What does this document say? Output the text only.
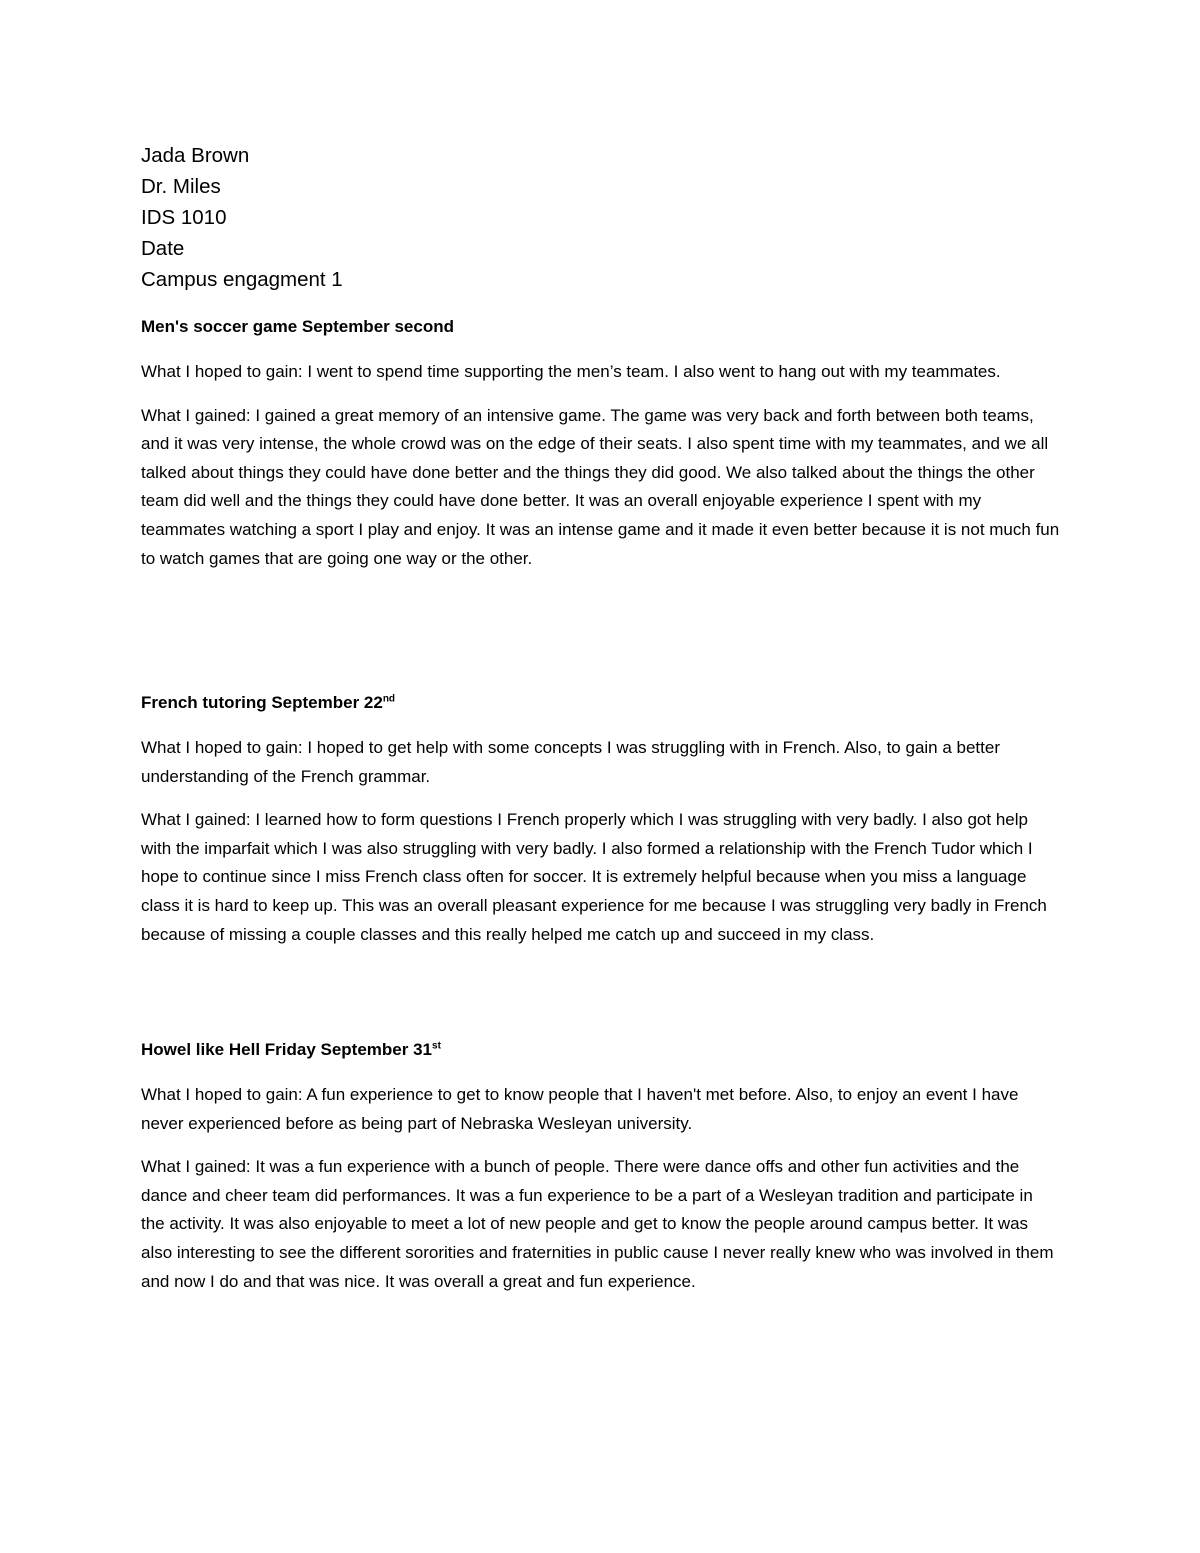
Jada Brown
Dr. Miles
IDS 1010
Date
Campus engagment 1
Men's soccer game September second

What I hoped to gain: I went to spend time supporting the men’s team. I also went to hang out with my teammates.

What I gained: I gained a great memory of an intensive game. The game was very back and forth between both teams, and it was very intense, the whole crowd was on the edge of their seats. I also spent time with my teammates, and we all talked about things they could have done better and the things they did good. We also talked about the things the other team did well and the things they could have done better. It was an overall enjoyable experience I spent with my teammates watching a sport I play and enjoy. It was an intense game and it made it even better because it is not much fun to watch games that are going one way or the other.

French tutoring September 22nd

What I hoped to gain: I hoped to get help with some concepts I was struggling with in French. Also, to gain a better understanding of the French grammar.

What I gained: I learned how to form questions I French properly which I was struggling with very badly. I also got help with the imparfait which I was also struggling with very badly. I also formed a relationship with the French Tudor which I hope to continue since I miss French class often for soccer. It is extremely helpful because when you miss a language class it is hard to keep up. This was an overall pleasant experience for me because I was struggling very badly in French because of missing a couple classes and this really helped me catch up and succeed in my class.

Howel like Hell Friday September 31st

What I hoped to gain: A fun experience to get to know people that I haven't met before. Also, to enjoy an event I have never experienced before as being part of Nebraska Wesleyan university.

What I gained: It was a fun experience with a bunch of people. There were dance offs and other fun activities and the dance and cheer team did performances. It was a fun experience to be a part of a Wesleyan tradition and participate in the activity. It was also enjoyable to meet a lot of new people and get to know the people around campus better. It was also interesting to see the different sororities and fraternities in public cause I never really knew who was involved in them and now I do and that was nice. It was overall a great and fun experience.
